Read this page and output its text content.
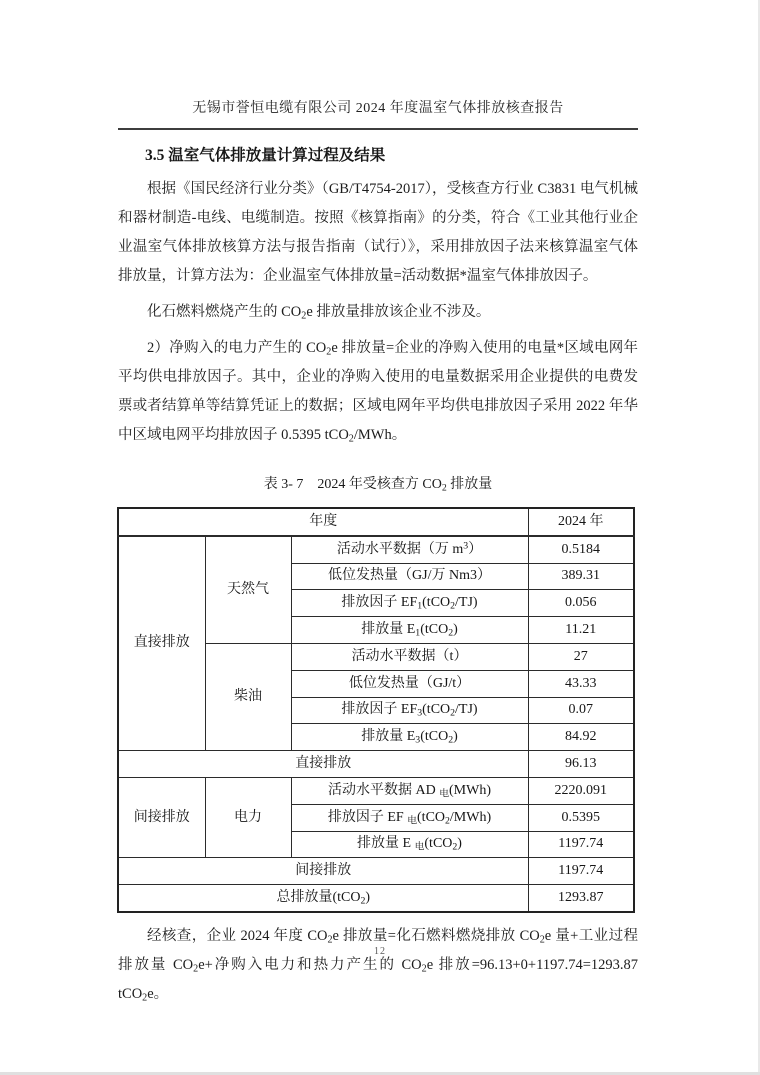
无锡市誉恒电缆有限公司 2024 年度温室气体排放核查报告
3.5 温室气体排放量计算过程及结果

根据《国民经济行业分类》（GB/T4754-2017），受核查方行业 C3831 电气机械和器材制造-电线、电缆制造。按照《核算指南》的分类，符合《工业其他行业企业温室气体排放核算方法与报告指南（试行）》，采用排放因子法来核算温室气体排放量，计算方法为：企业温室气体排放量=活动数据*温室气体排放因子。

化石燃料燃烧产生的 $CO_2e$ 排放量排放该企业不涉及。

2）净购入的电力产生的 $CO_2e$ 排放量=企业的净购入使用的电量*区域电网年平均供电排放因子。其中，企业的净购入使用的电量数据采用企业提供的电费发票或者结算单等结算凭证上的数据；区域电网年平均供电排放因子采用 2022 年华中区域电网平均排放因子 0.5395 tCO$_2$/MWh。

表 3- 7　2024 年受核查方 $CO_2$ 排放量
年度			2024 年
直接排放	天然气	活动水平数据（万 $m^3$）	0.5184
		低位发热量（GJ/万 Nm3）	389.31
		排放因子 $EF_1(tCO_2/TJ)$	0.056
		排放量 $E_1(tCO_2)$	11.21
	柴油	活动水平数据（t）	27
		低位发热量（GJ/t）	43.33
		排放因子 $EF_3(tCO_2/TJ)$	0.07
		排放量 $E_3(tCO_2)$	84.92
直接排放			96.13
间接排放	电力	活动水平数据 AD $_电$(MWh)	2220.091
		排放因子 EF $_电$(tCO$_2$/MWh)	0.5395
		排放量 E $_电$(tCO$_2$)	1197.74
间接排放			1197.74
总排放量(tCO$_2$)			1293.87

经核查，企业 2024 年度 $CO_2e$ 排放量=化石燃料燃烧排放 $CO_2e$ 量+工业过程排放量 $CO_2e+$净购入电力和热力产生的 $CO_2e$ 排放=96.13+0+1197.74=1293.87 tCO$_2$e。

12
